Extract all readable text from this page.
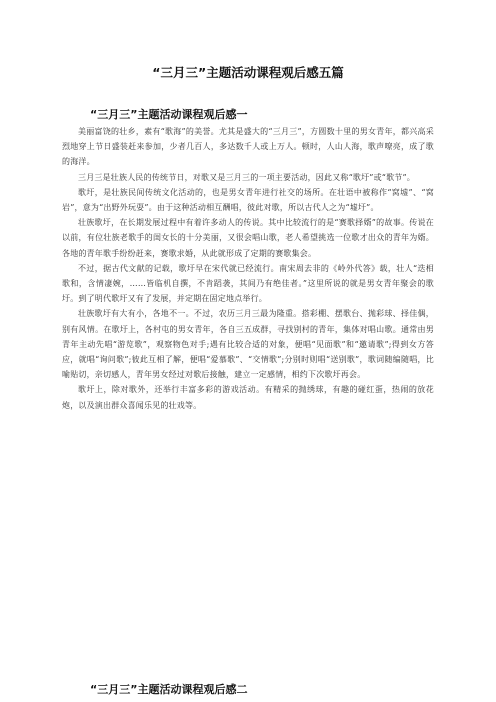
“三月三”主题活动课程观后感五篇
“三月三”主题活动课程观后感一

美丽富饶的壮乡，素有“歌海”的美誉。尤其是盛大的“三月三”，方圆数十里的男女青年，都兴高采烈地穿上节日盛装赶来参加，少者几百人，多达数千人或上万人。顿时，人山人海，歌声嘹亮，成了歌的海洋。

三月三是壮族人民的传统节日，对歌又是三月三的一项主要活动，因此又称“歌圩”或“歌节”。

歌圩，是壮族民间传统文化活动的，也是男女青年进行社交的场所。在壮语中被称作“窝墟”、“窝岩”，意为“出野外玩耍”。由于这种活动相互酬唱，彼此对歌，所以古代人之为“墟圩”。

壮族歌圩，在长期发展过程中有着许多动人的传说。其中比较流行的是“赛歌择婿”的故事。传说在以前，有位壮族老歌手的闺女长的十分美丽，又很会唱山歌，老人希望挑选一位歌才出众的青年为婿。各地的青年歌手纷纷赶来，赛歌求婚，从此就形成了定期的赛歌集会。

不过，据古代文献的记载，歌圩早在宋代就已经流行。南宋周去非的《岭外代答》载，壮人“迭相歌和，含情凄婉，……皆临机自撰，不肯蹈袭，其间乃有绝佳者。”这里所说的就是男女青年聚会的歌圩。到了明代歌圩又有了发展，并定期在固定地点举行。

壮族歌圩有大有小，各地不一。不过，农历三月三最为隆重。搭彩棚、摆歌台、抛彩球、择佳偶，别有风情。在歌圩上，各村屯的男女青年，各自三五成群，寻找别村的青年，集体对唱山歌。通常由男青年主动先唱“游览歌”，观察物色对手;遇有比较合适的对象，便唱“见面歌”和“邀请歌”;得到女方答应，就唱“询问歌”;彼此互相了解，便唱“爱慕歌”、“交情歌”;分别时则唱“送别歌”，歌词随编随唱，比喻贴切，亲切感人，青年男女经过对歌后接触，建立一定感情，相约下次歌圩再会。

歌圩上，除对歌外，还举行丰富多彩的游戏活动。有精采的抛绣球，有趣的碰红蛋，热闹的放花炮，以及演出群众喜闻乐见的壮戏等。

“三月三”主题活动课程观后感二
